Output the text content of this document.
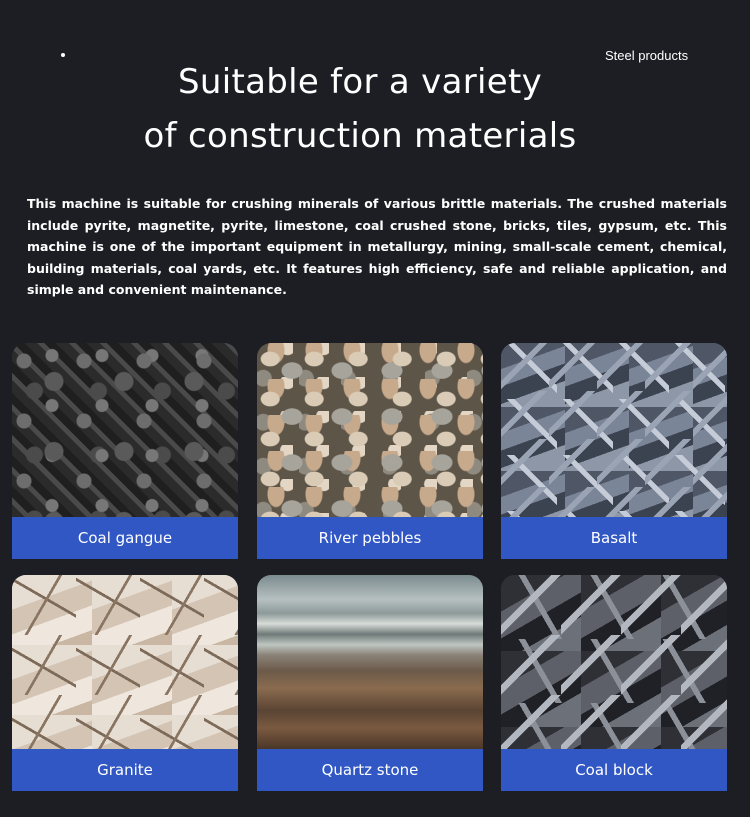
Steel products
Suitable for a variety
of construction materials
This machine is suitable for crushing minerals of various brittle materials. The crushed materials include pyrite, magnetite, pyrite, limestone, coal crushed stone, bricks, tiles, gypsum, etc. This machine is one of the important equipment in metallurgy, mining, small-scale cement, chemical, building materials, coal yards, etc. It features high efficiency, safe and reliable application, and simple and convenient maintenance.
Coal gangue	River pebbles	Basalt
Granite	Quartz stone	Coal block
